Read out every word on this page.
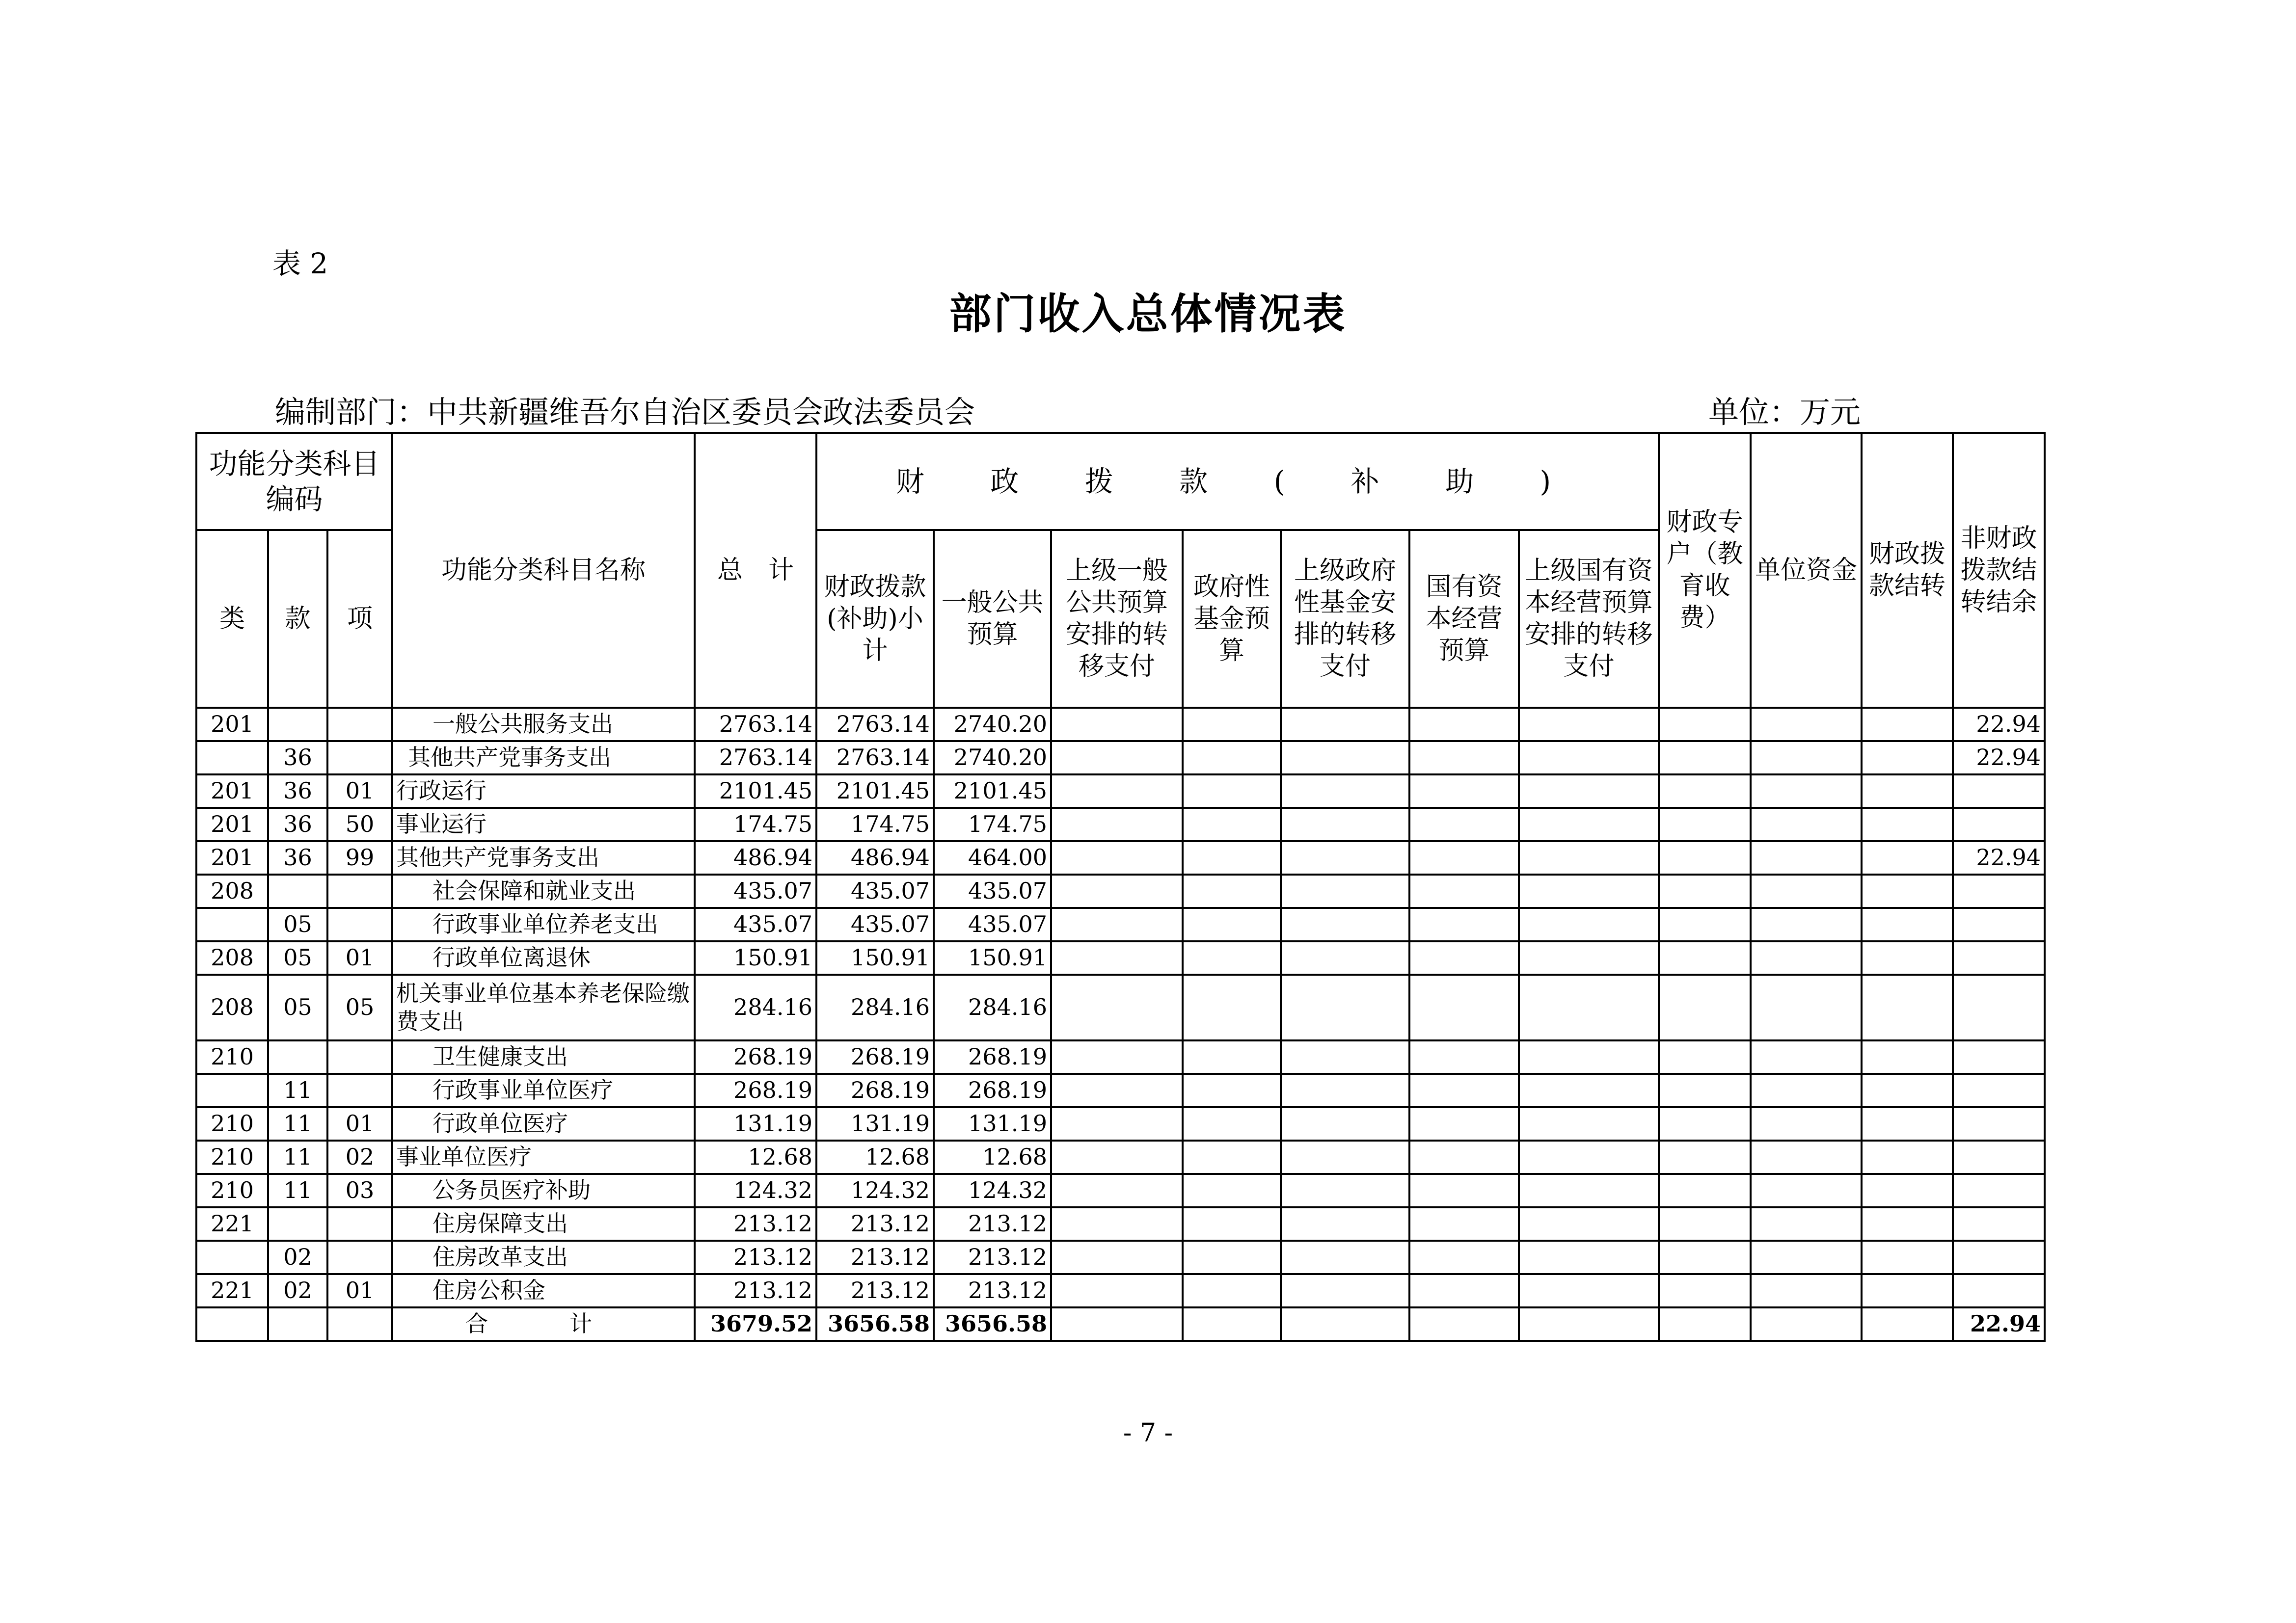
表 2
部门收入总体情况表
编制部门：中共新疆维吾尔自治区委员会政法委员会	单位：万元
功能分类科目编码			功能分类科目名称	总　计	财 政 拨 款 ( 补 助 )							财政专户（教育收费）	单位资金	财政拨款结转	非财政拨款结转结余
类	款	项			财政拨款(补助)小计	一般公共预算	上级一般公共预算安排的转移支付	政府性基金预算	上级政府性基金安排的转移支付	国有资本经营预算	上级国有资本经营预算安排的转移支付				
201			一般公共服务支出	2763.14	2763.14	2740.20									22.94
	36		其他共产党事务支出	2763.14	2763.14	2740.20									22.94
201	36	01	行政运行	2101.45	2101.45	2101.45									
201	36	50	事业运行	174.75	174.75	174.75									
201	36	99	其他共产党事务支出	486.94	486.94	464.00									22.94
208			社会保障和就业支出	435.07	435.07	435.07									
	05		行政事业单位养老支出	435.07	435.07	435.07									
208	05	01	行政单位离退休	150.91	150.91	150.91									
208	05	05	机关事业单位基本养老保险缴费支出	284.16	284.16	284.16									
210			卫生健康支出	268.19	268.19	268.19									
	11		行政事业单位医疗	268.19	268.19	268.19									
210	11	01	行政单位医疗	131.19	131.19	131.19									
210	11	02	事业单位医疗	12.68	12.68	12.68									
210	11	03	公务员医疗补助	124.32	124.32	124.32									
221			住房保障支出	213.12	213.12	213.12									
	02		住房改革支出	213.12	213.12	213.12									
221	02	01	住房公积金	213.12	213.12	213.12									
			合　计	3679.52	3656.58	3656.58									22.94
- 7 -
